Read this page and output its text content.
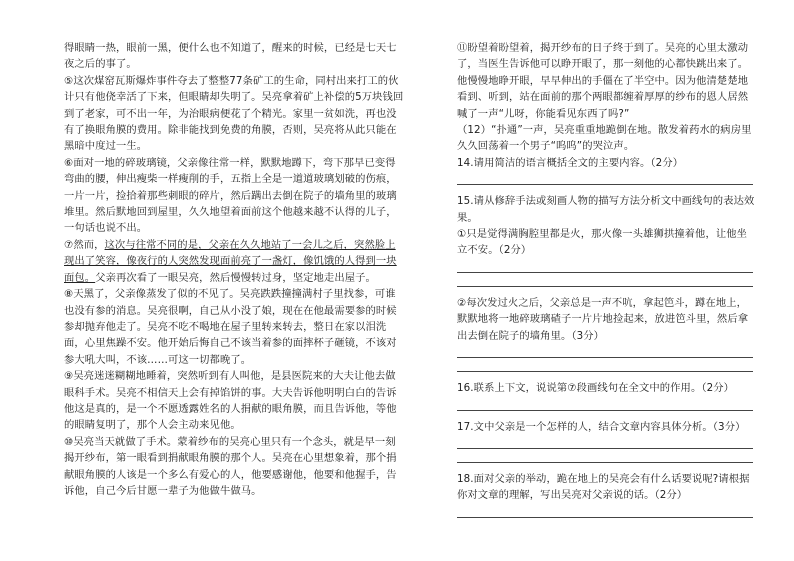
得眼睛一热，眼前一黑，便什么也不知道了，醒来的时候，已经是七天七夜之后的事了。

⑤这次煤窑瓦斯爆炸事件夺去了整整77条矿工的生命，同村出来打工的伙计只有他侥幸活了下来，但眼睛却失明了。吴亮拿着矿上补偿的5万块钱回到了老家，可不出一年，为治眼病便花了个精光。家里一贫如洗，再也没有了换眼角膜的费用。除非能找到免费的角膜，否则，吴亮将从此只能在黑暗中度过一生。

⑥面对一地的碎玻璃镜，父亲像往常一样，默默地蹲下，弯下那早已变得弯曲的腰，伸出瘦柴一样瘦削的手，五指上全是一道道玻璃划破的伤痕，一片一片，捡拾着那些刺眼的碎片，然后蹒出去倒在院子的墙角里的玻璃堆里。然后默地回到屋里，久久地望着面前这个他越来越不认得的儿子，一句话也说不出。

⑦然而，这次与往常不同的是，父亲在久久地站了一会儿之后，突然脸上现出了笑容，像夜行的人突然发现面前亮了一盏灯，像饥饿的人得到一块面包。父亲再次看了一眼吴亮，然后慢慢转过身，坚定地走出屋子。

⑧天黑了，父亲像蒸发了似的不见了。吴亮跌跌撞撞满村子里找参，可谁也没有参的消息。吴亮很啊，自己从小没了娘，现在在他最需要参的时候参却抛弃他走了。吴亮不吃不喝地在屋子里转来转去，整日在家以泪洗面，心里焦躁不安。他开始后悔自己不该当着参的面摔杯子砸镜，不该对参大吼大叫，不该……可这一切都晚了。

⑨吴亮迷迷糊糊地睡着，突然听到有人叫他，是县医院来的大夫让他去做眼科手术。吴亮不相信天上会有掉馅饼的事。大夫告诉他明明白白的告诉他这是真的，是一个不愿透露姓名的人捐献的眼角膜，而且告诉他，等他的眼睛复明了，那个人会主动来见他。

⑩吴亮当天就做了手术。蒙着纱布的吴亮心里只有一个念头，就是早一刻揭开纱布，第一眼看到捐献眼角膜的那个人。吴亮在心里想象着，那个捐献眼角膜的人该是一个多么有爱心的人，他要感谢他，他要和他握手，告诉他，自己今后甘愿一辈子为他做牛做马。

⑪盼望着盼望着，揭开纱布的日子终于到了。吴亮的心里太激动了，当医生告诉他可以睁开眼了，那一刻他的心都快跳出来了。他慢慢地睁开眼，早早伸出的手僵在了半空中。因为他清楚楚地看到、听到，站在面前的那个两眼都缠着厚厚的纱布的恩人居然喊了一声“儿呀，你能看见东西了吗?”

（12）“扑通”一声，吴亮重重地跪倒在地。散发着药水的病房里久久回荡着一个男子“呜呜”的哭泣声。

14.请用简洁的语言概括全文的主要内容。（2分）

15.请从修辞手法或刻画人物的描写方法分析文中画线句的表达效果。

①只是觉得满胸腔里都是火，那火像一头雄狮拱撞着他，让他坐立不安。（2分）

②每次发过火之后，父亲总是一声不吭，拿起笆斗，蹲在地上，默默地将一地碎玻璃碴子一片片地捡起来，放进笆斗里，然后拿出去倒在院子的墙角里。（3分）

16.联系上下文，说说第⑦段画线句在全文中的作用。（2分）

17.文中父亲是一个怎样的人，结合文章内容具体分析。（3分）

18.面对父亲的举动，跪在地上的吴亮会有什么话要说呢?请根据你对文章的理解，写出吴亮对父亲说的话。（2分）
